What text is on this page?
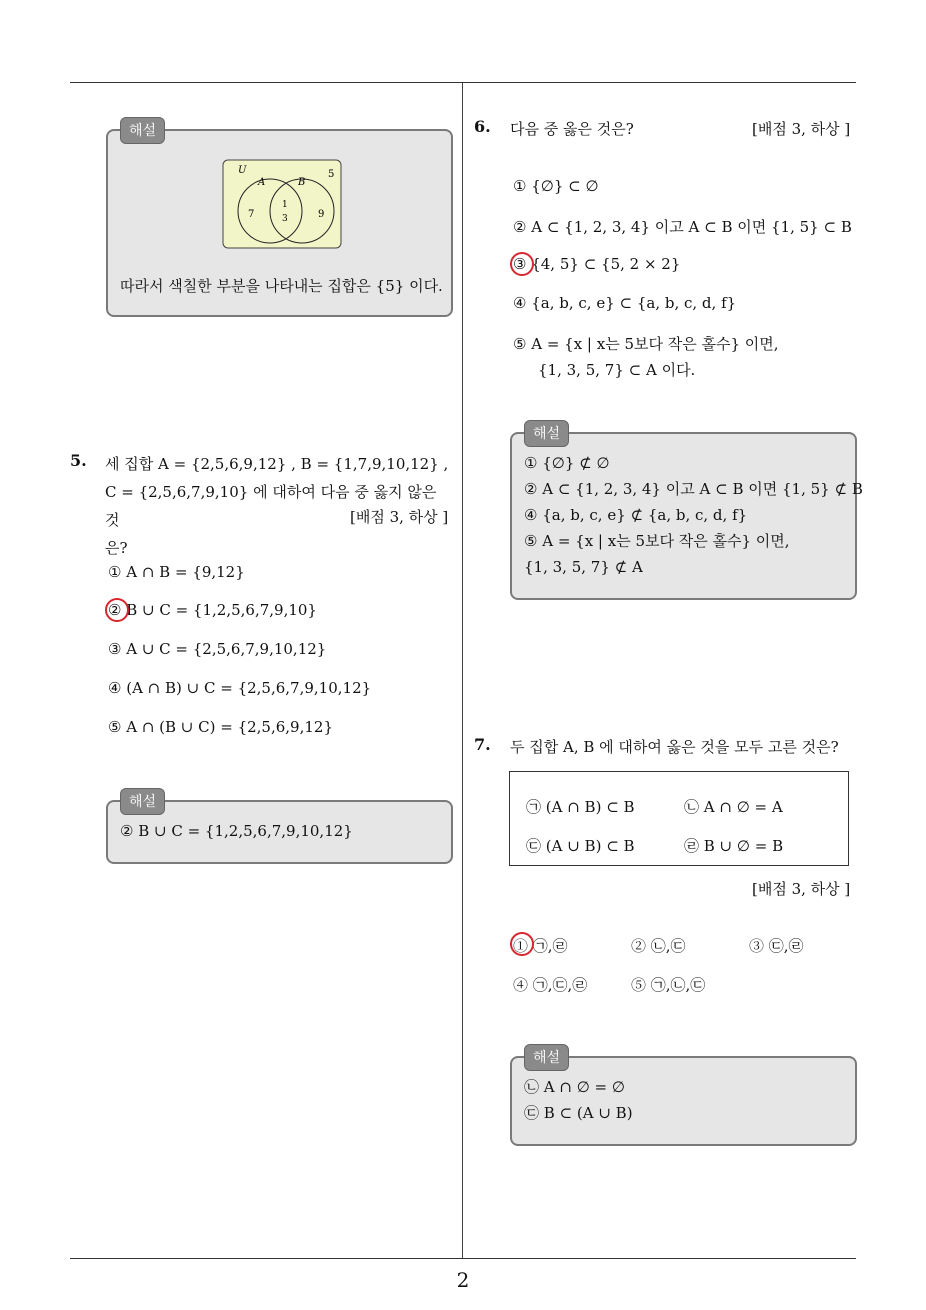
해설
U
A	B
7
1
3	9
5
따라서 색칠한 부분을 나타내는 집합은 {5} 이다.
5. 세 집합 A = {2,5,6,9,12} , B = {1,7,9,10,12} ,
C = {2,5,6,7,9,10} 에 대하여 다음 중 옳지 않은 것
은?
[배점 3, 하상 ]
① A ∩ B = {9,12}
② B ∪ C = {1,2,5,6,7,9,10}
③ A ∪ C = {2,5,6,7,9,10,12}
④ (A ∩ B) ∪ C = {2,5,6,7,9,10,12}
⑤ A ∩ (B ∪ C) = {2,5,6,9,12}
해설
② B ∪ C = {1,2,5,6,7,9,10,12}
6. 다음 중 옳은 것은?	[배점 3, 하상 ]
① {∅} ⊂ ∅
② A ⊂ {1, 2, 3, 4} 이고 A ⊂ B 이면 {1, 5} ⊂ B
③ {4, 5} ⊂ {5, 2 × 2}
④ {a, b, c, e} ⊂ {a, b, c, d, f}
⑤ A = {x | x는 5보다 작은 홀수} 이면,
{1, 3, 5, 7} ⊂ A 이다.
해설
① {∅} ⊄ ∅
② A ⊂ {1, 2, 3, 4} 이고 A ⊂ B 이면 {1, 5} ⊄ B
④ {a, b, c, e} ⊄ {a, b, c, d, f}
⑤ A = {x | x는 5보다 작은 홀수} 이면,
{1, 3, 5, 7} ⊄ A
7. 두 집합 A, B 에 대하여 옳은 것을 모두 고른 것은?
㉠ (A ∩ B) ⊂ B	㉡ A ∩ ∅ = A
㉢ (A ∪ B) ⊂ B	㉣ B ∪ ∅ = B
[배점 3, 하상 ]
① ㉠,㉣	② ㉡,㉢	③ ㉢,㉣
④ ㉠,㉢,㉣	⑤ ㉠,㉡,㉢
해설
㉡ A ∩ ∅ = ∅
㉢ B ⊂ (A ∪ B)
2
